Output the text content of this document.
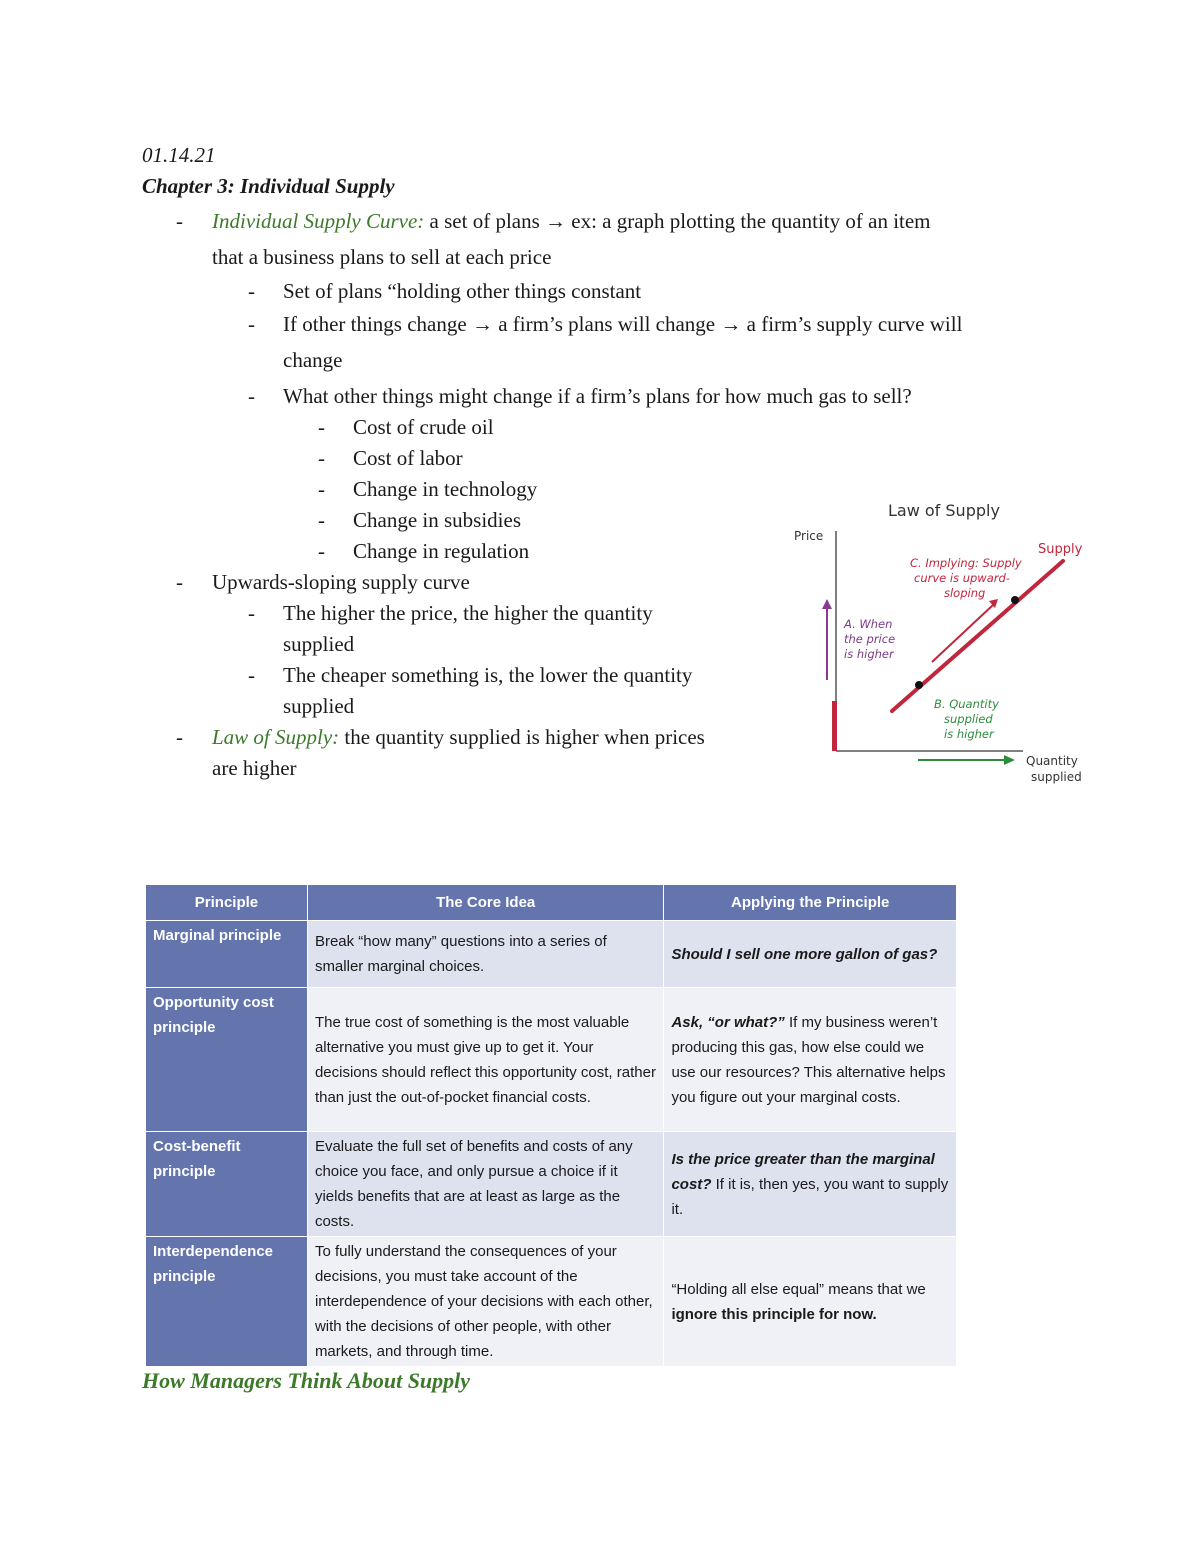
01.14.21
Chapter 3: Individual Supply
- Individual Supply Curve: a set of plans → ex: a graph plotting the quantity of an item
that a business plans to sell at each price
- Set of plans “holding other things constant
- If other things change → a firm’s plans will change → a firm’s supply curve will
change
- What other things might change if a firm’s plans for how much gas to sell?
- Cost of crude oil
- Cost of labor
- Change in technology
- Change in subsidies
- Change in regulation
- Upwards-sloping supply curve
- The higher the price, the higher the quantity
supplied
- The cheaper something is, the lower the quantity
supplied
- Law of Supply: the quantity supplied is higher when prices
are higher
Law of Supply
Price
Supply
A. When
the price
is higher
B. Quantity
supplied
is higher
C. Implying: Supply
curve is upward-
sloping
Quantity
supplied
Principle	The Core Idea	Applying the Principle
Marginal principle	Break “how many” questions into a series of smaller marginal choices.	Should I sell one more gallon of gas?
Opportunity cost principle	The true cost of something is the most valuable alternative you must give up to get it. Your decisions should reflect this opportunity cost, rather than just the out-of-pocket financial costs.	Ask, “or what?” If my business weren’t producing this gas, how else could we use our resources? This alternative helps you figure out your marginal costs.
Cost-benefit principle	Evaluate the full set of benefits and costs of any choice you face, and only pursue a choice if it yields benefits that are at least as large as the costs.	Is the price greater than the marginal cost? If it is, then yes, you want to supply it.
Interdependence principle	To fully understand the consequences of your decisions, you must take account of the interdependence of your decisions with each other, with the decisions of other people, with other markets, and through time.	“Holding all else equal” means that we ignore this principle for now.
How Managers Think About Supply
